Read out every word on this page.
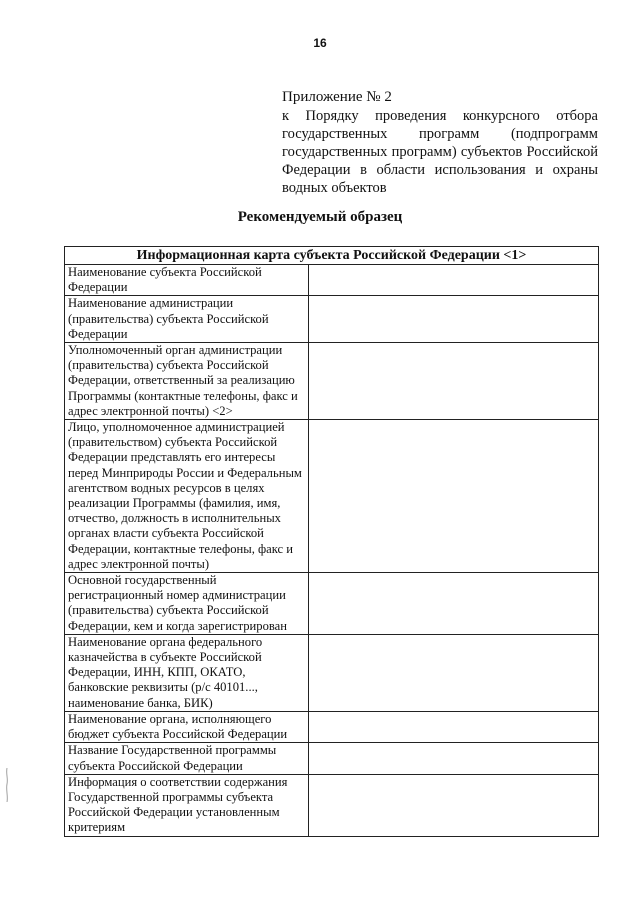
16
Приложение № 2
к Порядку проведения конкурсного отбора государственных программ (подпрограмм государственных программ) субъектов Российской Федерации в области использования и охраны водных объектов
Рекомендуемый образец
Информационная карта субъекта Российской Федерации <1>	
Наименование субъекта Российской Федерации	
Наименование администрации (правительства) субъекта Российской Федерации	
Уполномоченный орган администрации (правительства) субъекта Российской Федерации, ответственный за реализацию Программы (контактные телефоны, факс и адрес электронной почты) <2>	
Лицо, уполномоченное администрацией (правительством) субъекта Российской Федерации представлять его интересы перед Минприроды России и Федеральным агентством водных ресурсов в целях реализации Программы (фамилия, имя, отчество, должность в исполнительных органах власти субъекта Российской Федерации, контактные телефоны, факс и адрес электронной почты)	
Основной государственный регистрационный номер администрации (правительства) субъекта Российской Федерации, кем и когда зарегистрирован	
Наименование органа федерального казначейства в субъекте Российской Федерации, ИНН, КПП, ОКАТО, банковские реквизиты (р/с 40101..., наименование банка, БИК)	
Наименование органа, исполняющего бюджет субъекта Российской Федерации	
Название Государственной программы субъекта Российской Федерации	
Информация о соответствии содержания Государственной программы субъекта Российской Федерации установленным критериям	
